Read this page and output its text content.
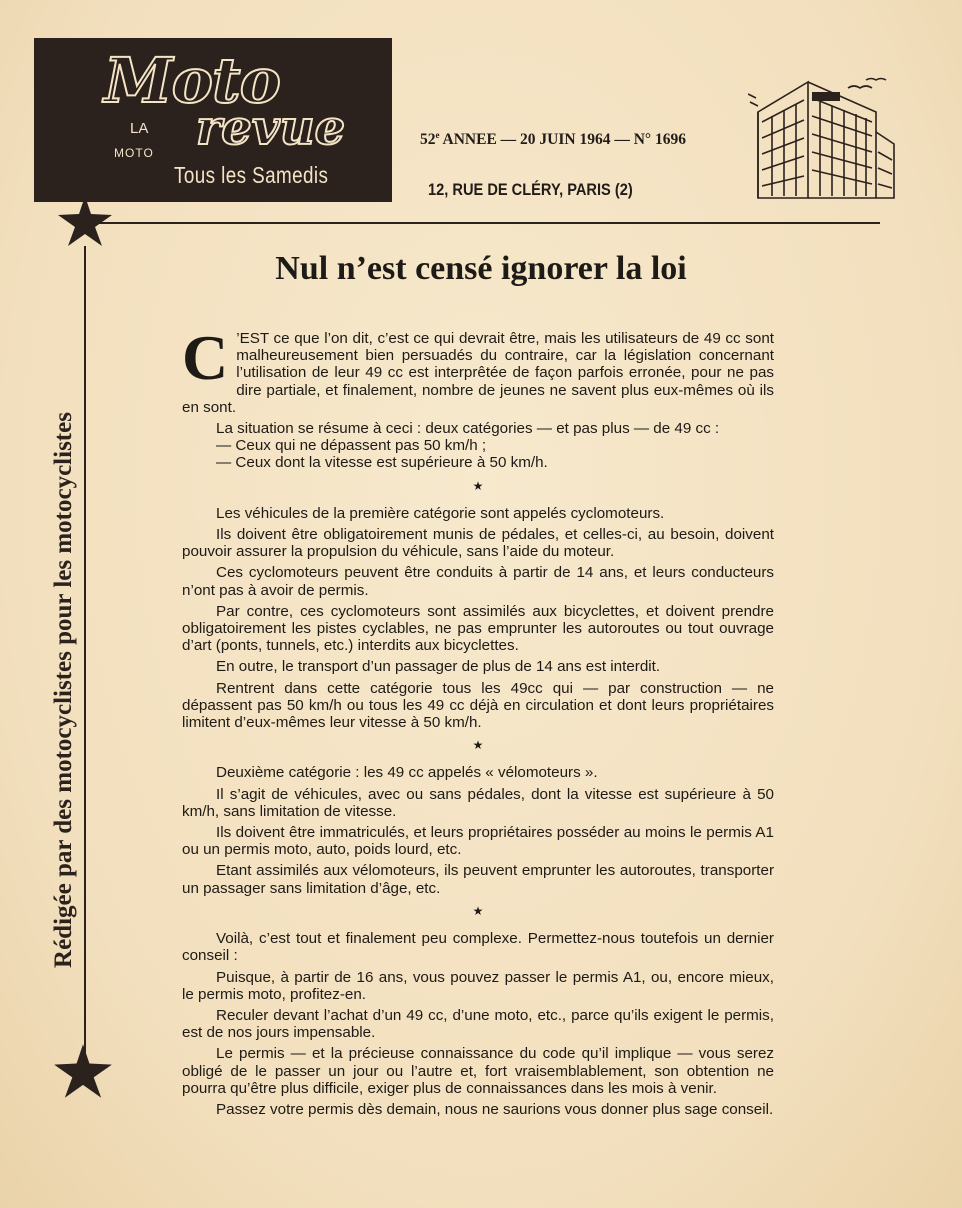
Moto
LA
MOTO revue
Tous les Samedis
52e ANNEE — 20 JUIN 1964 — N° 1696
12, RUE DE CLÉRY, PARIS (2)
Rédigée par des motocyclistes pour les motocyclistes
Nul n’est censé ignorer la loi

C ’EST ce que l’on dit, c’est ce qui devrait être, mais les utilisateurs de 49 cc sont malheureusement bien persuadés du contraire, car la législation concernant l’utilisation de leur 49 cc est interprêtée de façon parfois erronée, pour ne pas dire partiale, et finalement, nombre de jeunes ne savent plus eux-mêmes où ils en sont.

La situation se résume à ceci : deux catégories — et pas plus — de 49 cc :

— Ceux qui ne dépassent pas 50 km/h ;

— Ceux dont la vitesse est supérieure à 50 km/h.

★

Les véhicules de la première catégorie sont appelés cyclomoteurs.

Ils doivent être obligatoirement munis de pédales, et celles-ci, au besoin, doivent pouvoir assurer la propulsion du véhicule, sans l’aide du moteur.

Ces cyclomoteurs peuvent être conduits à partir de 14 ans, et leurs conducteurs n’ont pas à avoir de permis.

Par contre, ces cyclomoteurs sont assimilés aux bicyclettes, et doivent prendre obligatoirement les pistes cyclables, ne pas emprunter les autoroutes ou tout ouvrage d’art (ponts, tunnels, etc.) interdits aux bicyclettes.

En outre, le transport d’un passager de plus de 14 ans est interdit.

Rentrent dans cette catégorie tous les 49cc qui — par construction — ne dépassent pas 50 km/h ou tous les 49 cc déjà en circulation et dont leurs propriétaires limitent d’eux-mêmes leur vitesse à 50 km/h.

★

Deuxième catégorie : les 49 cc appelés « vélomoteurs ».

Il s’agit de véhicules, avec ou sans pédales, dont la vitesse est supérieure à 50 km/h, sans limitation de vitesse.

Ils doivent être immatriculés, et leurs propriétaires posséder au moins le permis A1 ou un permis moto, auto, poids lourd, etc.

Etant assimilés aux vélomoteurs, ils peuvent emprunter les autoroutes, transporter un passager sans limitation d’âge, etc.

★

Voilà, c’est tout et finalement peu complexe. Permettez-nous toutefois un dernier conseil :

Puisque, à partir de 16 ans, vous pouvez passer le permis A1, ou, encore mieux, le permis moto, profitez-en.

Reculer devant l’achat d’un 49 cc, d’une moto, etc., parce qu’ils exigent le permis, est de nos jours impensable.

Le permis — et la précieuse connaissance du code qu’il implique — vous serez obligé de le passer un jour ou l’autre et, fort vraisemblablement, son obtention ne pourra qu’être plus difficile, exiger plus de connaissances dans les mois à venir.

Passez votre permis dès demain, nous ne saurions vous donner plus sage conseil.
